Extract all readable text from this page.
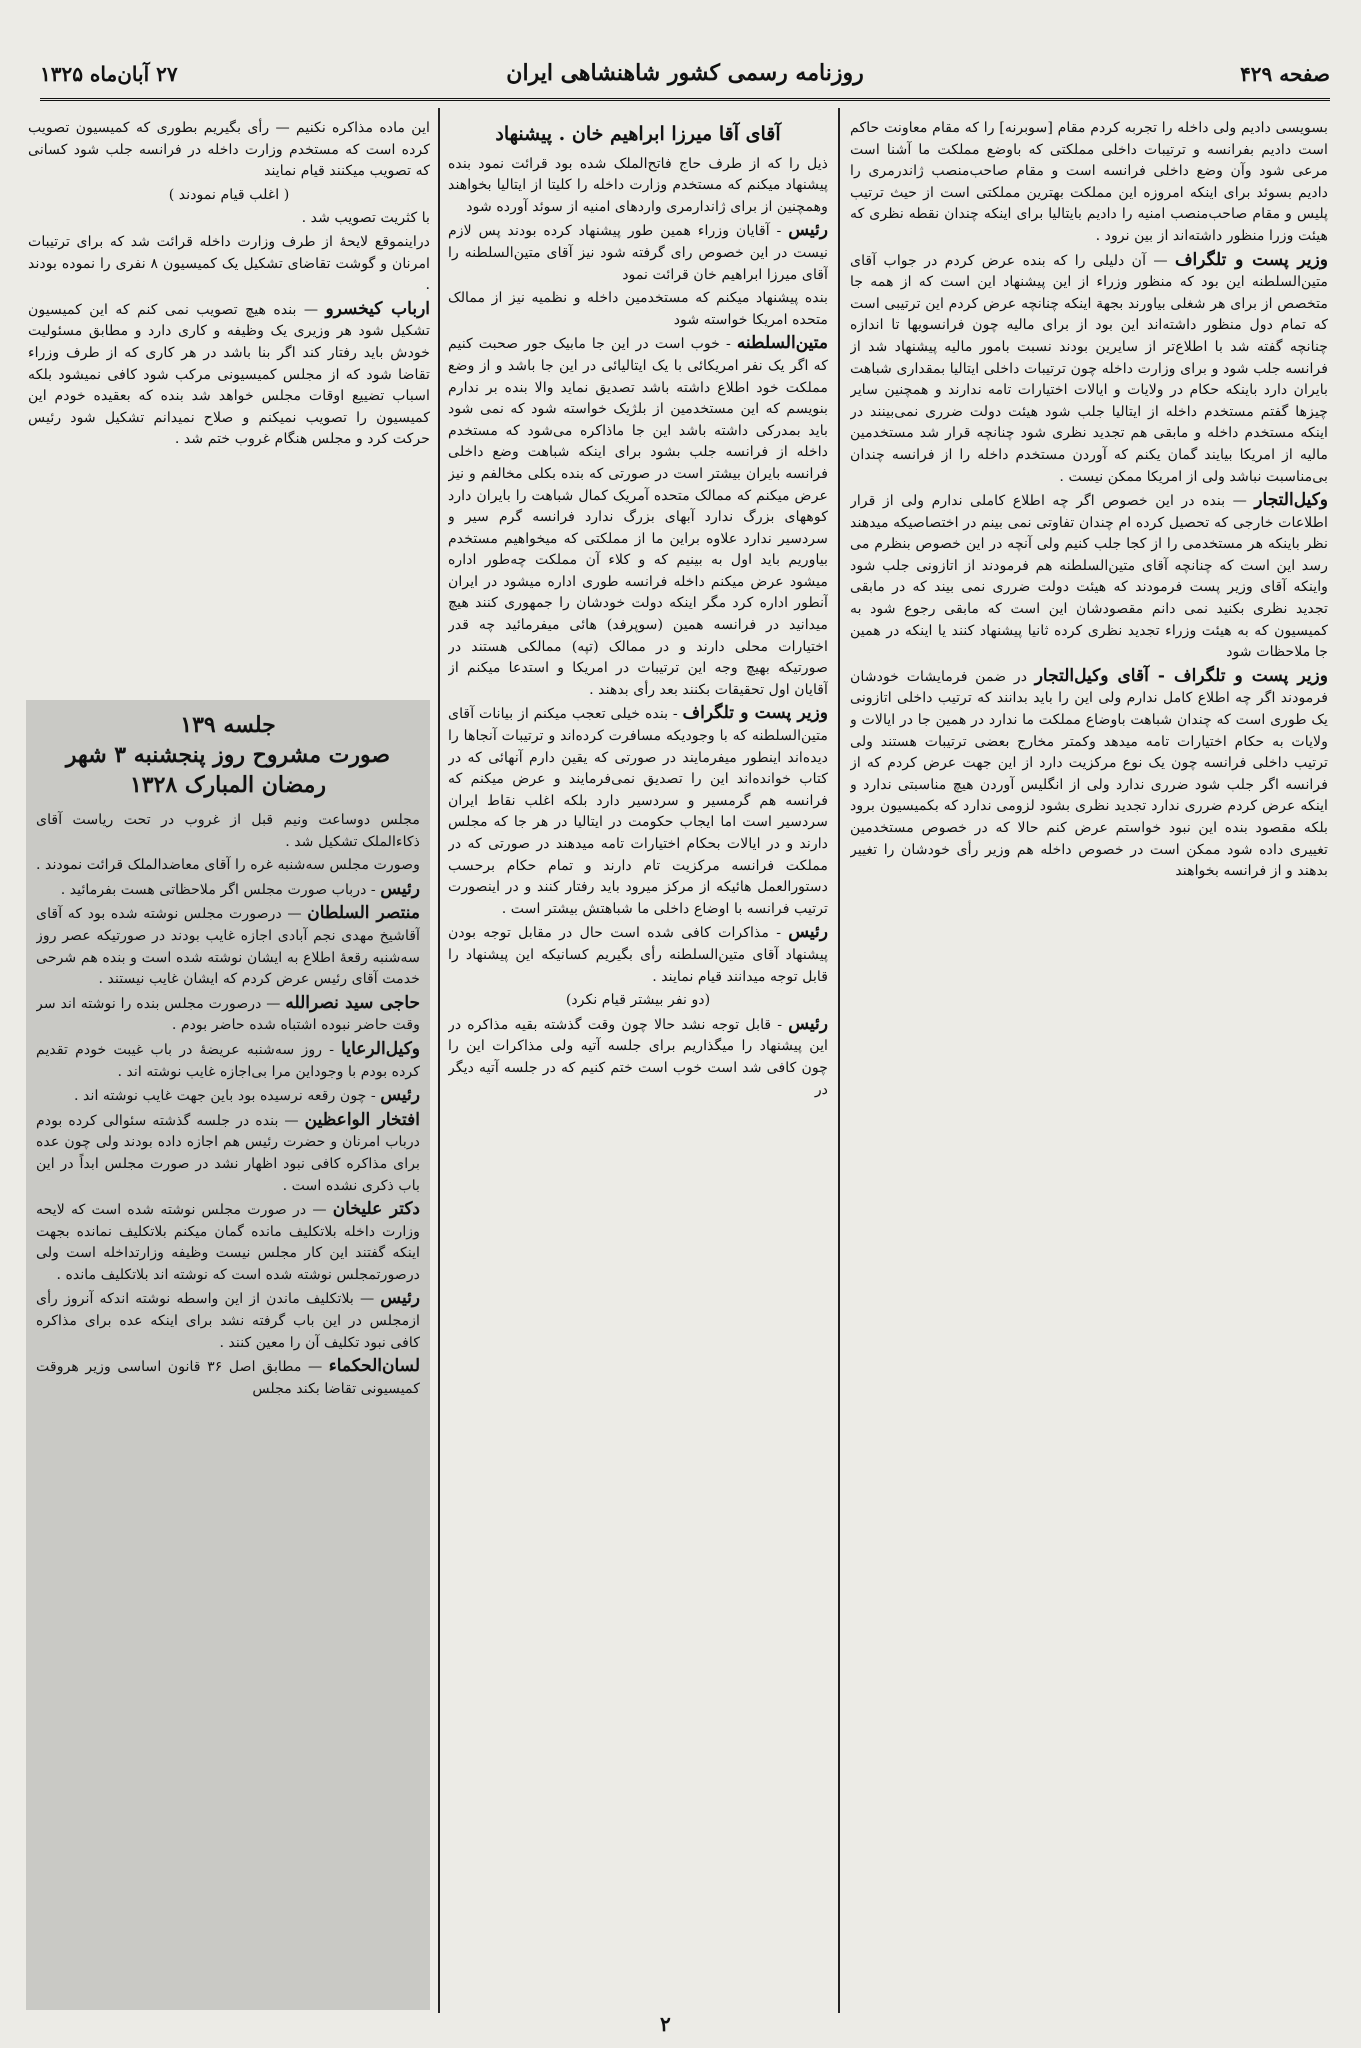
صفحه ۴۲۹
روزنامه رسمی کشور شاهنشاهی ایران
۲۷ آبان‌ماه ۱۳۲۵

بسویسی دادیم ولی داخله را تجربه کردم مقام [سوبرنه] را که مقام معاونت حاکم است دادیم بفرانسه و ترتیبات داخلی مملکتی که باوضع مملکت ما آشنا است مرعی شود وآن وضع داخلی فرانسه است و مقام صاحب‌منصب ژاندرمری را دادیم بسوئد برای اینکه امروزه این مملکت بهترین مملکتی است از حیث ترتیب پلیس و مقام صاحب‌منصب امنیه را دادیم بایتالیا برای اینکه چندان نقطه نظری که هیئت وزرا منظور داشته‌اند از بین نرود .

وزیر پست و تلگراف

— آن دلیلی را که بنده عرض کردم در جواب آقای متین‌السلطنه این بود که منظور وزراء از این پیشنهاد این است که از همه جا متخصص از برای هر شغلی بیاورند بجهة اینکه چنانچه عرض کردم این ترتیبی است که تمام دول منظور داشته‌اند این بود از برای مالیه چون فرانسویها تا اندازه چنانچه گفته شد با اطلاع‌تر از سایرین بودند نسبت بامور مالیه پیشنهاد شد از فرانسه جلب شود و برای وزارت داخله چون ترتیبات داخلی ایتالیا بمقداری شباهت بایران دارد باینکه حکام در ولایات و ایالات اختیارات تامه ندارند و همچنین سایر چیزها گفتم مستخدم داخله از ایتالیا جلب شود هیئت دولت ضرری نمی‌بینند در اینکه مستخدم داخله و مابقی هم تجدید نظری شود چنانچه قرار شد مستخدمین مالیه از امریکا بیایند گمان یکنم که آوردن مستخدم داخله را از فرانسه چندان بی‌مناسبت نباشد ولی از امریکا ممکن نیست .

وکیل‌التجار

— بنده در این خصوص اگر چه اطلاع کاملی ندارم ولی از قرار اطلاعات خارجی که تحصیل کرده ام چندان تفاوتی نمی بینم در اختصاصیکه میدهند نظر باینکه هر مستخدمی را از کجا جلب کنیم ولی آنچه در این خصوص بنظرم می رسد این است که چنانچه آقای متین‌السلطنه هم فرمودند از اتازونی جلب شود واینکه آقای وزیر پست فرمودند که هیئت دولت ضرری نمی بیند که در مابقی تجدید نظری بکنید نمی دانم مقصودشان این است که مابقی رجوع شود به کمیسیون که به هیئت وزراء تجدید نظری کرده ثانیا پیشنهاد کنند یا اینکه در همین جا ملاحظات شود

وزیر پست و تلگراف - آقای وکیل‌التجار

در ضمن فرمایشات خودشان فرمودند اگر چه اطلاع کامل ندارم ولی این را باید بدانند که ترتیب داخلی اتازونی یک طوری است که چندان شباهت باوضاع مملکت ما ندارد در همین جا در ایالات و ولایات به حکام اختیارات تامه میدهد وکمتر مخارج بعضی ترتیبات هستند ولی ترتیب داخلی فرانسه چون یک نوع مرکزیت دارد از این جهت عرض کردم که از فرانسه اگر جلب شود ضرری ندارد ولی از انگلیس آوردن هیچ مناسبتی ندارد و اینکه عرض کردم ضرری ندارد تجدید نظری بشود لزومی ندارد که بکمیسیون برود بلکه مقصود بنده این نبود خواستم عرض کنم حالا که در خصوص مستخدمین تغییری داده شود ممکن است در خصوص داخله هم وزیر رأی خودشان را تغییر بدهند و از فرانسه بخواهند

آقای آقا میرزا ابراهیم خان . پیشنهاد

ذیل را که از طرف حاج فاتح‌الملک شده بود قرائت نمود بنده پیشنهاد میکنم که مستخدم وزارت داخله را کلیتا از ایتالیا بخواهند وهمچنین از برای ژاندارمری واردهای امنیه از سوئد آورده شود

رئیس

- آقایان وزراء همین طور پیشنهاد کرده بودند پس لازم نیست در این خصوص رای گرفته شود نیز آقای متین‌السلطنه را آقای میرزا ابراهیم خان قرائت نمود

بنده پیشنهاد میکنم که مستخدمین داخله و نظمیه نیز از ممالک متحده امریکا خواسته شود

متین‌السلطنه

- خوب است در این جا مابیک جور صحبت کنیم که اگر یک نفر امریکائی با یک ایتالیائی در این جا باشد و از وضع مملکت خود اطلاع داشته باشد تصدیق نماید والا بنده بر ندارم بنویسم که این مستخدمین از بلژیک خواسته شود که نمی شود باید بمدرکی داشته باشد این جا ماذاکره می‌شود که مستخدم داخله از فرانسه جلب بشود برای اینکه شباهت وضع داخلی فرانسه بایران بیشتر است در صورتی که بنده بکلی مخالفم و نیز عرض میکنم که ممالک متحده آمریک کمال شباهت را بایران دارد کوههای بزرگ ندارد آبهای بزرگ ندارد فرانسه گرم سیر و سردسیر ندارد علاوه براین ما از مملکتی که میخواهیم مستخدم بیاوریم باید اول به بینیم که و کلاء آن مملکت چه‌طور اداره میشود عرض میکنم داخله فرانسه طوری اداره میشود در ایران آنطور اداره کرد مگر اینکه دولت خودشان را جمهوری کنند هیچ میدانید در فرانسه همین (سوپرفد) هائی میفرمائید چه قدر اختیارات محلی دارند و در ممالک (تپه) ممالکی هستند در صورتیکه بهیچ وجه این ترتیبات در امریکا و استدعا میکنم از آقایان اول تحقیقات بکنند بعد رأی بدهند .

وزیر پست و تلگراف

- بنده خیلی تعجب میکنم از بیانات آقای متین‌السلطنه که با وجودیکه مسافرت کرده‌اند و ترتیبات آنجاها را دیده‌اند اینطور میفرمایند در صورتی که یقین دارم آنهائی که در کتاب خوانده‌اند این را تصدیق نمی‌فرمایند و عرض میکنم که فرانسه هم گرمسیر و سردسیر دارد بلکه اغلب نقاط ایران سردسیر است اما ایجاب حکومت در ایتالیا در هر جا که مجلس دارند و در ایالات بحکام اختیارات تامه میدهند در صورتی که در مملکت فرانسه مرکزیت تام دارند و تمام حکام برحسب دستورالعمل هائیکه از مرکز میرود باید رفتار کنند و در اینصورت ترتیب فرانسه با اوضاع داخلی ما شباهتش بیشتر است .

رئیس

- مذاکرات کافی شده است حال در مقابل توجه بودن پیشنهاد آقای متین‌السلطنه رأی بگیریم کسانیکه این پیشنهاد را قابل توجه میدانند قیام نمایند .

(دو نفر بیشتر قیام نکرد)

رئیس

- قابل توجه نشد حالا چون وقت گذشته بقیه مذاکره در این پیشنهاد را میگذاریم برای جلسه آتیه ولی مذاکرات این را چون کافی شد است خوب است ختم کنیم که در جلسه آتیه دیگر در

این ماده مذاکره نکنیم — رأی بگیریم بطوری که کمیسیون تصویب کرده است که مستخدم وزارت داخله در فرانسه جلب شود کسانی که تصویب میکنند قیام نمایند

( اغلب قیام نمودند )

با کثریت تصویب شد .

دراینموقع لایحهٔ از طرف وزارت داخله قرائت شد که برای ترتیبات امرنان و گوشت تقاضای تشکیل یک کمیسیون ۸ نفری را نموده بودند .

ارباب کیخسرو

— بنده هیچ تصویب نمی کنم که این کمیسیون تشکیل شود هر وزیری یک وظیفه و کاری دارد و مطابق مسئولیت خودش باید رفتار کند اگر بنا باشد در هر کاری که از طرف وزراء تقاضا شود که از مجلس کمیسیونی مرکب شود کافی نمیشود بلکه اسباب تضییع اوقات مجلس خواهد شد بنده که بعقیده خودم این کمیسیون را تصویب نمیکنم و صلاح نمیدانم تشکیل شود رئیس حرکت کرد و مجلس هنگام غروب ختم شد .

جلسه ۱۳۹
صورت مشروح روز پنجشنبه ۳ شهر
رمضان المبارک ۱۳۲۸

مجلس دوساعت ونیم قبل از غروب در تحت ریاست آقای ذکاء‌الملک تشکیل شد .

وصورت مجلس سه‌شنبه غره را آقای معاضدالملک قرائت نمودند .

رئیس

- درباب صورت مجلس اگر ملاحظاتی هست بفرمائید .

منتصر السلطان

— درصورت مجلس نوشته شده بود که آقای آقاشیخ مهدی نجم آبادی اجازه غایب بودند در صورتیکه عصر روز سه‌شنبه رقعهٔ اطلاع به ایشان نوشته شده است و بنده هم شرحی خدمت آقای رئیس عرض کردم که ایشان غایب نیستند .

حاجی سید نصرالله

— درصورت مجلس بنده را نوشته اند سر وقت حاضر نبوده اشتباه شده حاضر بودم .

وکیل‌الرعایا

- روز سه‌شنبه عریضهٔ در باب غیبت خودم تقدیم کرده بودم با وجوداین مرا بی‌اجازه غایب نوشته اند .

رئیس

- چون رقعه نرسیده بود باین جهت غایب نوشته اند .

افتخار الواعظین

— بنده در جلسه گذشته سئوالی کرده بودم درباب امرنان و حضرت رئیس هم اجازه داده بودند ولی چون عده برای مذاکره کافی نبود اظهار نشد در صورت مجلس ابداً در این باب ذکری نشده است .

دکتر علیخان

— در صورت مجلس نوشته شده است که لایحه وزارت داخله بلاتکلیف مانده گمان میکنم بلاتکلیف نمانده بجهت اینکه گفتند این کار مجلس نیست وظیفه وزارتداخله است ولی درصورتمجلس نوشته شده است که نوشته اند بلاتکلیف مانده .

رئیس

— بلاتکلیف ماندن از این واسطه نوشته اندکه آنروز رأی ازمجلس در این باب گرفته نشد برای اینکه عده برای مذاکره کافی نبود تکلیف آن را معین کنند .

لسان‌الحکماء

— مطابق اصل ۳۶ قانون اساسی وزیر هروقت کمیسیونی تقاضا بکند مجلس

۲
